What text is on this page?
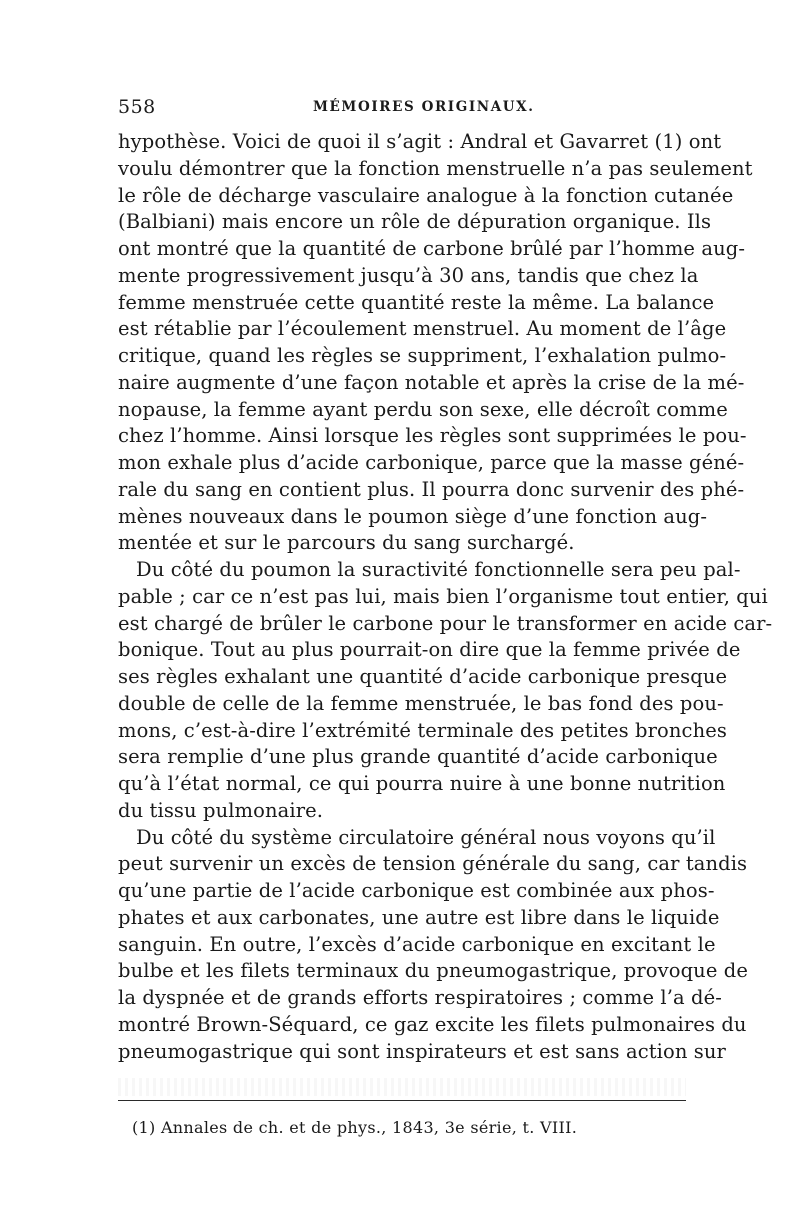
558	MÉMOIRES ORIGINAUX.
hypothèse. Voici de quoi il s’agit : Andral et Gavarret (1) ont
voulu démontrer que la fonction menstruelle n’a pas seulement
le rôle de décharge vasculaire analogue à la fonction cutanée
(Balbiani) mais encore un rôle de dépuration organique. Ils
ont montré que la quantité de carbone brûlé par l’homme aug-
mente progressivement jusqu’à 30 ans, tandis que chez la
femme menstruée cette quantité reste la même. La balance
est rétablie par l’écoulement menstruel. Au moment de l’âge
critique, quand les règles se suppriment, l’exhalation pulmo-
naire augmente d’une façon notable et après la crise de la mé-
nopause, la femme ayant perdu son sexe, elle décroît comme
chez l’homme. Ainsi lorsque les règles sont supprimées le pou-
mon exhale plus d’acide carbonique, parce que la masse géné-
rale du sang en contient plus. Il pourra donc survenir des phé-
mènes nouveaux dans le poumon siège d’une fonction aug-
mentée et sur le parcours du sang surchargé.
Du côté du poumon la suractivité fonctionnelle sera peu pal-
pable ; car ce n’est pas lui, mais bien l’organisme tout entier, qui
est chargé de brûler le carbone pour le transformer en acide car-
bonique. Tout au plus pourrait-on dire que la femme privée de
ses règles exhalant une quantité d’acide carbonique presque
double de celle de la femme menstruée, le bas fond des pou-
mons, c’est-à-dire l’extrémité terminale des petites bronches
sera remplie d’une plus grande quantité d’acide carbonique
qu’à l’état normal, ce qui pourra nuire à une bonne nutrition
du tissu pulmonaire.
Du côté du système circulatoire général nous voyons qu’il
peut survenir un excès de tension générale du sang, car tandis
qu’une partie de l’acide carbonique est combinée aux phos-
phates et aux carbonates, une autre est libre dans le liquide
sanguin. En outre, l’excès d’acide carbonique en excitant le
bulbe et les filets terminaux du pneumogastrique, provoque de
la dyspnée et de grands efforts respiratoires ; comme l’a dé-
montré Brown-Séquard, ce gaz excite les filets pulmonaires du
pneumogastrique qui sont inspirateurs et est sans action sur
(1) Annales de ch. et de phys., 1843, 3e série, t. VIII.
